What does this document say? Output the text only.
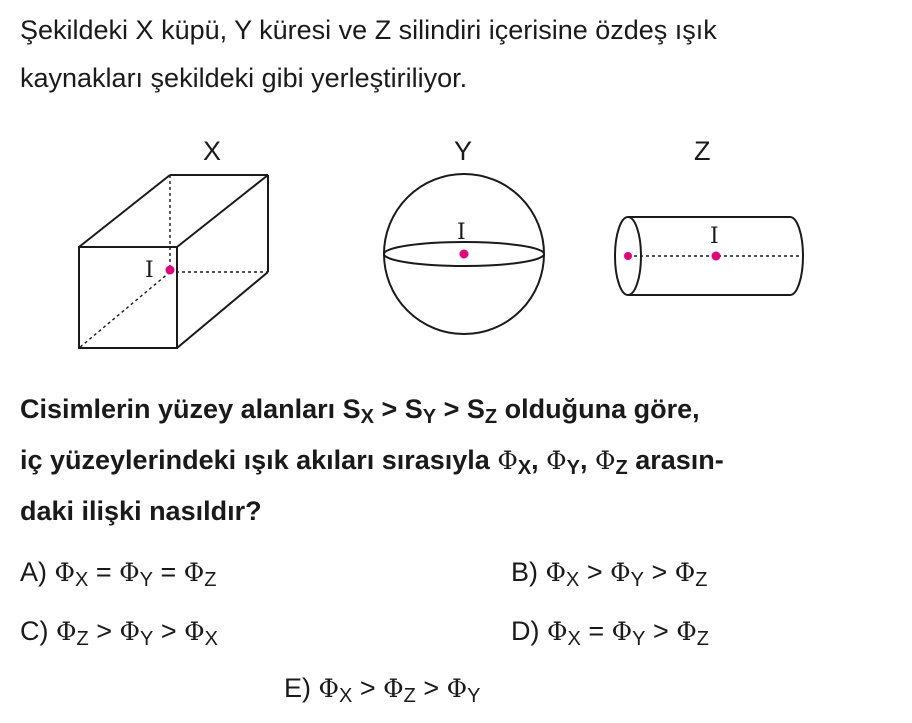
Şekildeki X küpü, Y küresi ve Z silindiri içerisine özdeş ışık
kaynakları şekildeki gibi yerleştiriliyor.

X	Y	Z
I
I	I

Cisimlerin yüzey alanları SX > SY > SZ olduğuna göre,
iç yüzeylerindeki ışık akıları sırasıyla ΦX, ΦY, ΦZ arasın-
daki ilişki nasıldır?

A) ΦX = ΦY = ΦZ	B) ΦX > ΦY > ΦZ
C) ΦZ > ΦY > ΦX	D) ΦX = ΦY > ΦZ
E) ΦX > ΦZ > ΦY
